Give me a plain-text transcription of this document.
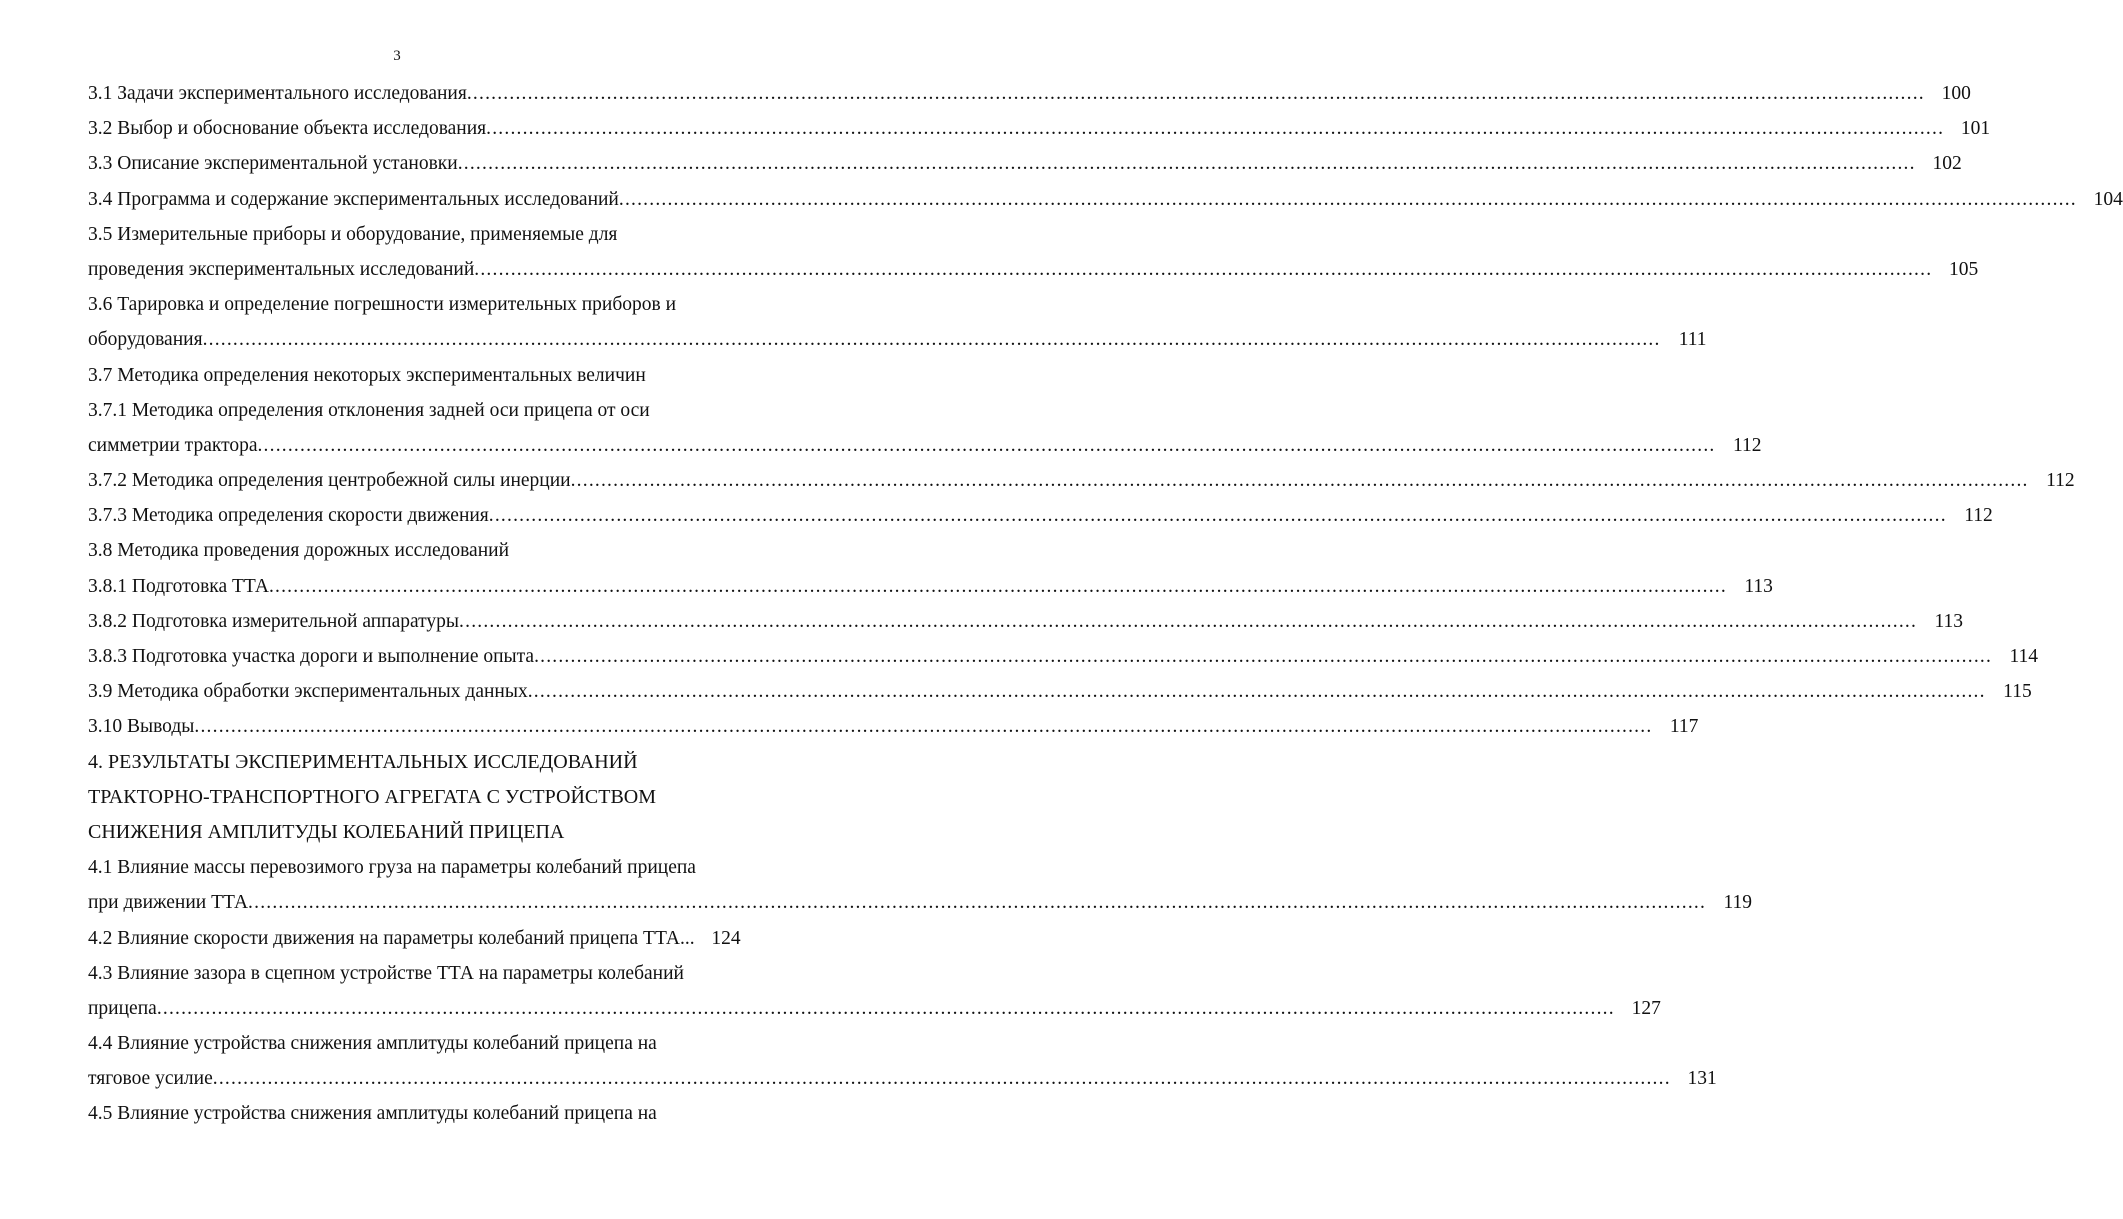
3
3.1 Задачи экспериментального исследования .....	100
3.2 Выбор и обоснование объекта исследования .....	101
3.3 Описание экспериментальной установки .....	102
3.4 Программа и содержание экспериментальных исследований .....	104
3.5 Измерительные приборы и оборудование, применяемые для
проведения экспериментальных исследований .....	105
3.6 Тарировка и определение погрешности измерительных приборов и
оборудования .....	111
3.7 Методика определения некоторых экспериментальных величин
3.7.1 Методика определения отклонения задней оси прицепа от оси
симметрии трактора .....	112
3.7.2 Методика определения центробежной силы инерции .....	112
3.7.3 Методика определения скорости движения .....	112
3.8 Методика проведения дорожных исследований
3.8.1 Подготовка ТТА .....	113
3.8.2 Подготовка измерительной аппаратуры .....	113
3.8.3 Подготовка участка дороги и выполнение опыта .....	114
3.9 Методика обработки экспериментальных данных .....	115
3.10 Выводы .....	117
4. РЕЗУЛЬТАТЫ ЭКСПЕРИМЕНТАЛЬНЫХ ИССЛЕДОВАНИЙ
ТРАКТОРНО-ТРАНСПОРТНОГО АГРЕГАТА С УСТРОЙСТВОМ
СНИЖЕНИЯ АМПЛИТУДЫ КОЛЕБАНИЙ ПРИЦЕПА
4.1 Влияние массы перевозимого груза на параметры колебаний прицепа
при движении ТТА .....	119
4.2 Влияние скорости движения на параметры колебаний прицепа ТТА... 124
4.3 Влияние зазора в сцепном устройстве ТТА на параметры колебаний
прицепа .....	127
4.4 Влияние устройства снижения амплитуды колебаний прицепа на
тяговое усилие .....	131
4.5 Влияние устройства снижения амплитуды колебаний прицепа на
